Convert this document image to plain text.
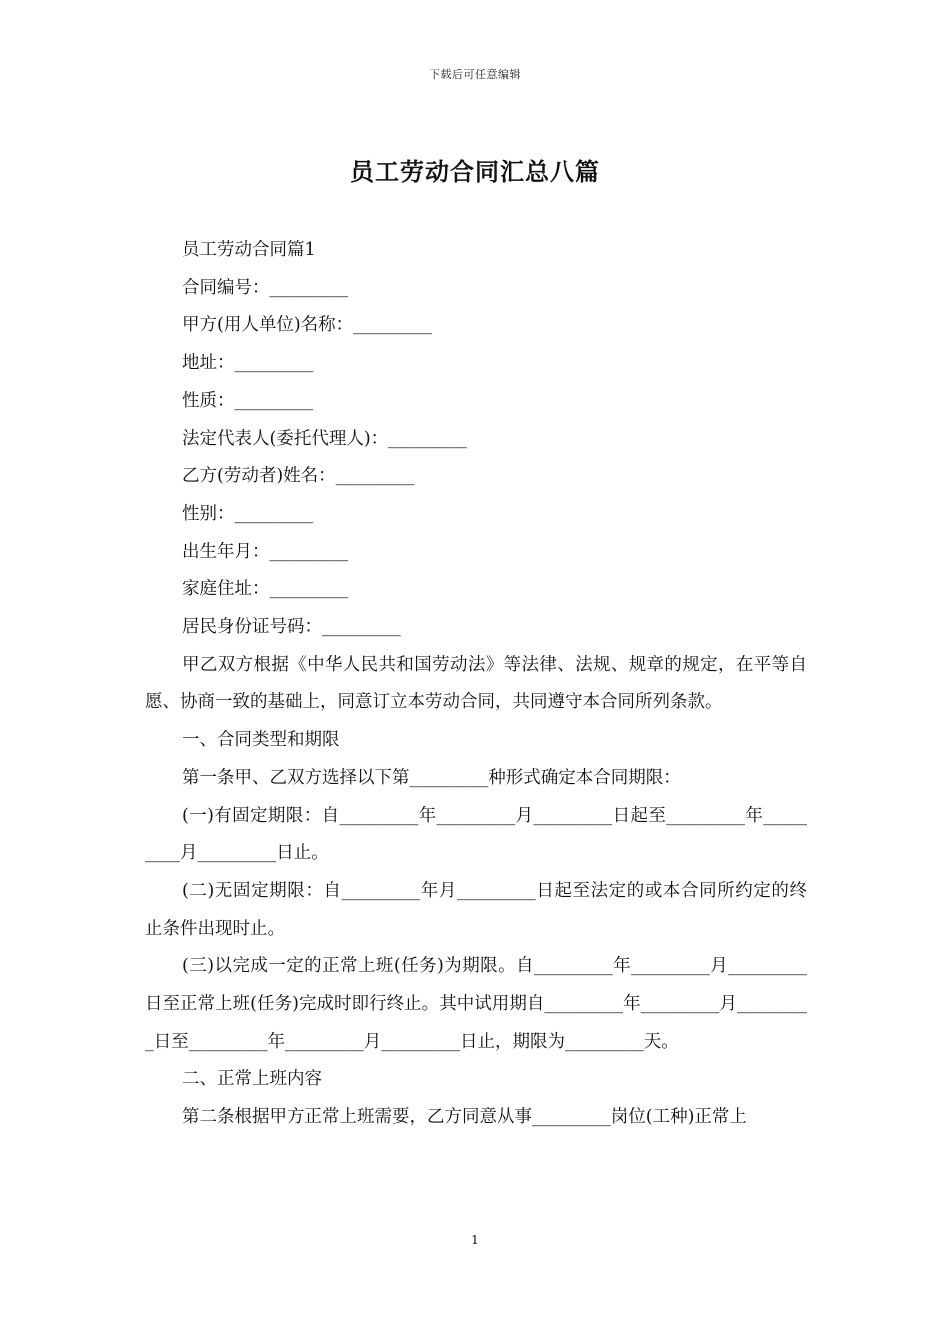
下载后可任意编辑
员工劳动合同汇总八篇

员工劳动合同篇1

合同编号：_________

甲方(用人单位)名称：_________

地址：_________

性质：_________

法定代表人(委托代理人)：_________

乙方(劳动者)姓名：_________

性别：_________

出生年月：_________

家庭住址：_________

居民身份证号码：_________

甲乙双方根据《中华人民共和国劳动法》等法律、法规、规章的规定，在平等自愿、协商一致的基础上，同意订立本劳动合同，共同遵守本合同所列条款。

一、合同类型和期限

第一条甲、乙双方选择以下第_________种形式确定本合同期限：

(一)有固定期限：自_________年_________月_________日起至_________年_________月_________日止。

(二)无固定期限：自_________年月_________日起至法定的或本合同所约定的终止条件出现时止。

(三)以完成一定的正常上班(任务)为期限。自_________年_________月_________日至正常上班(任务)完成时即行终止。其中试用期自_________年_________月_________日至_________年_________月_________日止，期限为_________天。

二、正常上班内容

第二条根据甲方正常上班需要，乙方同意从事_________岗位(工种)正常上

1
